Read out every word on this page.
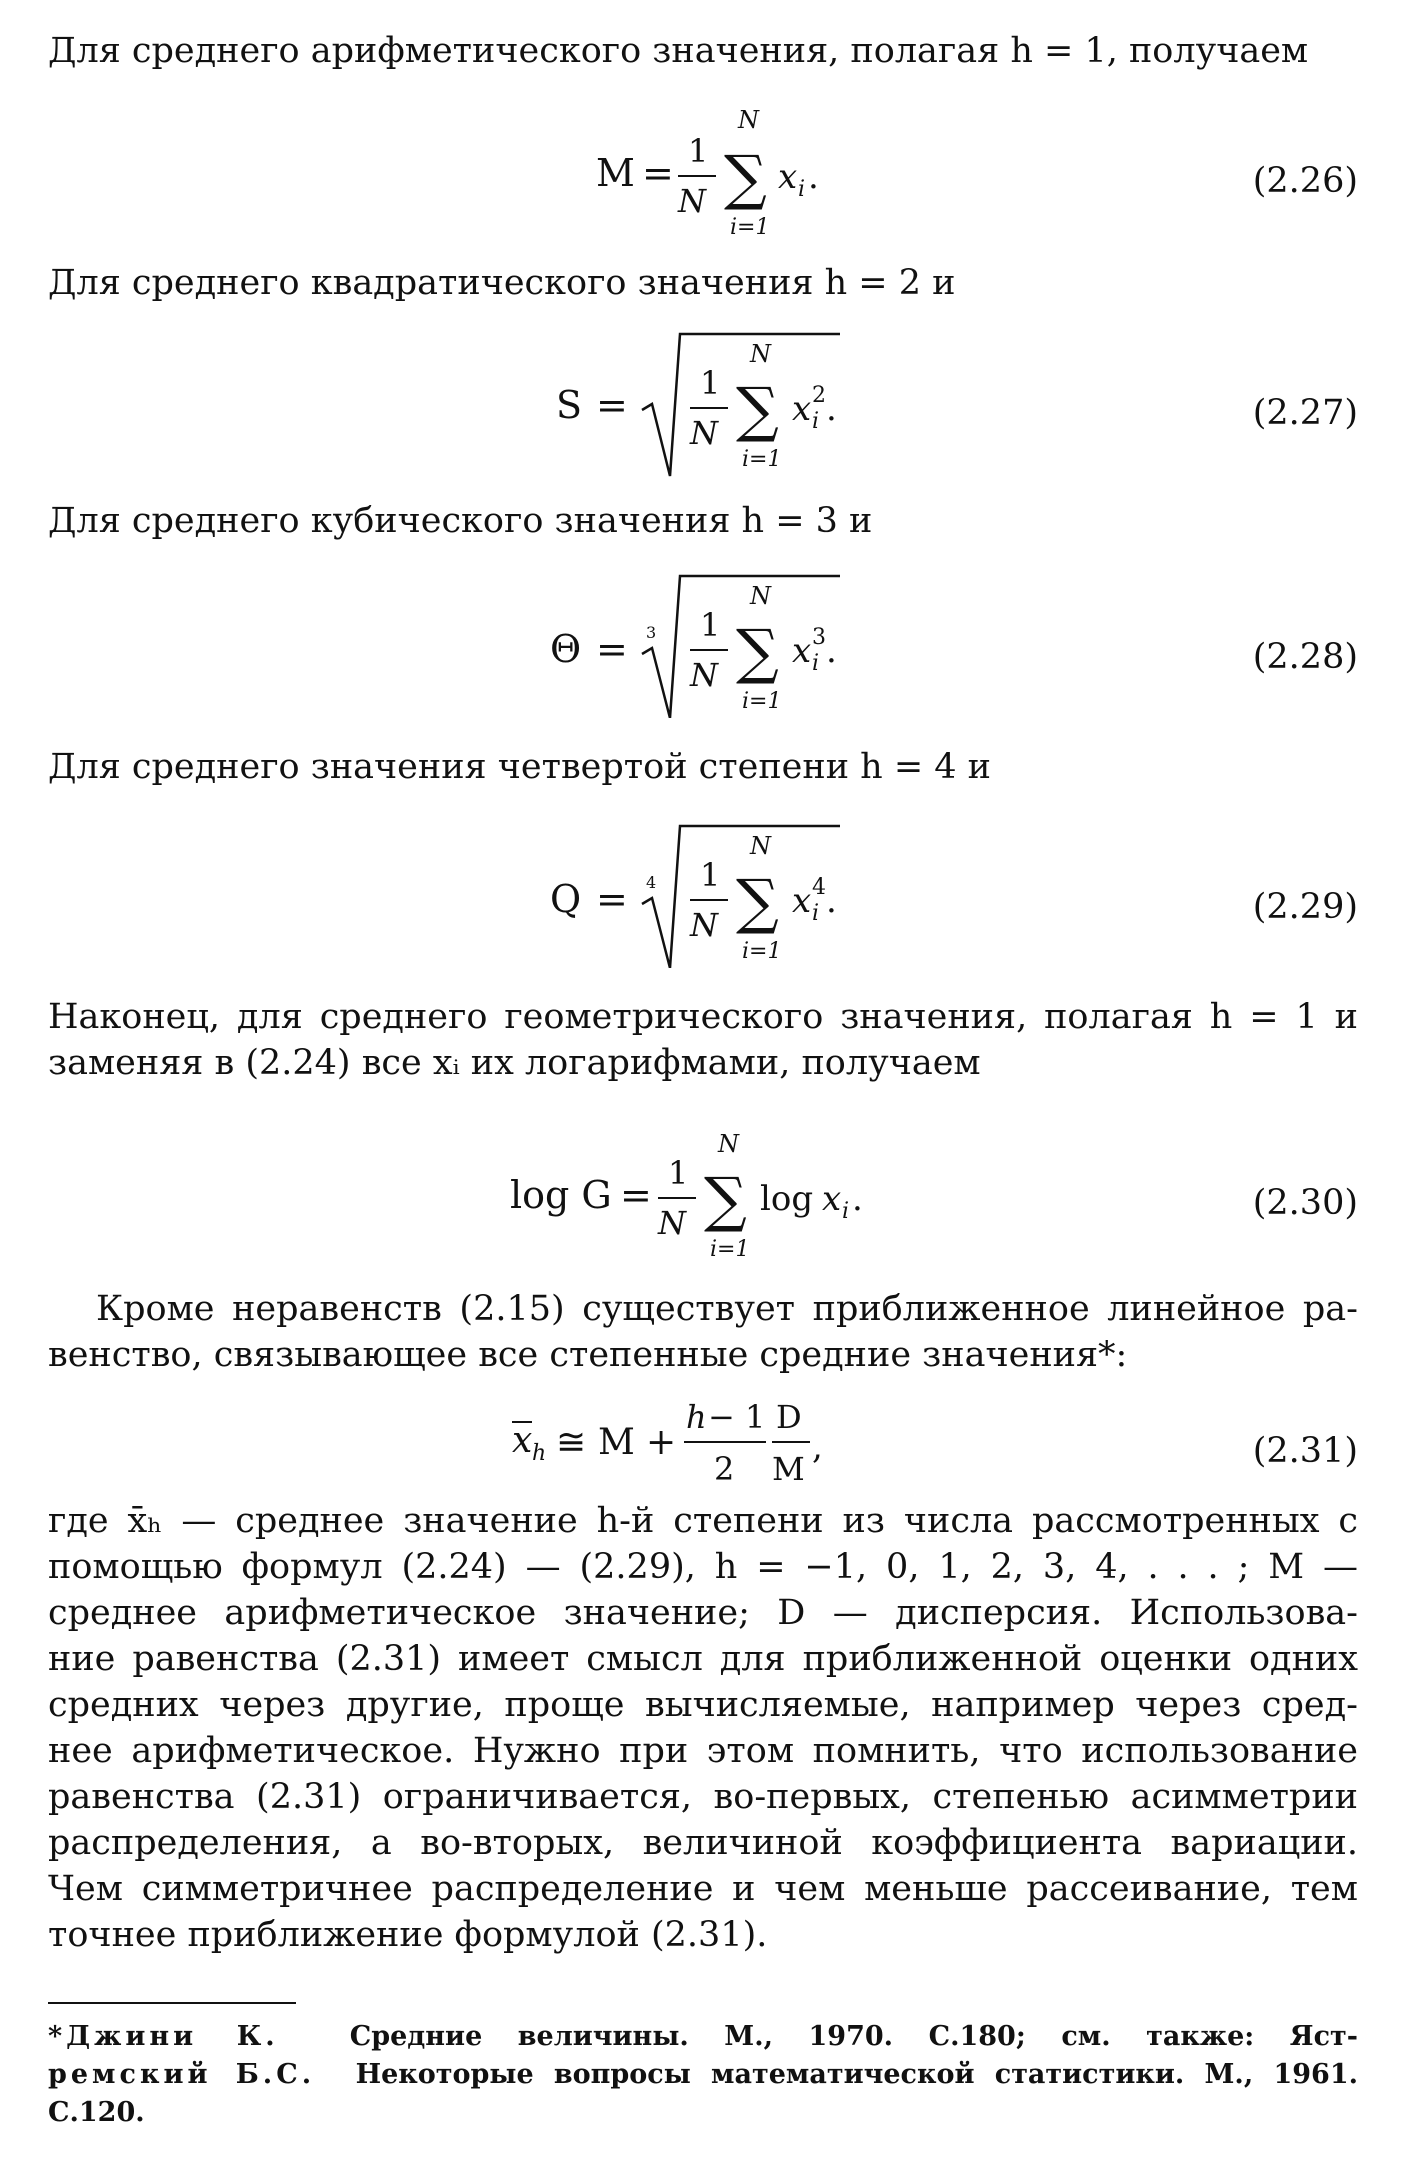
Для среднего арифметического значения, полагая h = 1, получаем
M = 1
N
N
∑
i=1
x i .	(2.26)
Для среднего квадратического значения h = 2 и
S = 1
N
N
∑
i=1
x 2
i .	(2.27)
Для среднего кубического значения h = 3 и
Θ = 3 1
N
N
∑
i=1
x 3
i .	(2.28)
Для среднего значения четвертой степени h = 4 и
Q = 4 1
N
N
∑
i=1
x 4
i .	(2.29)
Наконец, для среднего геометрического значения, полагая h = 1 и
заменяя в (2.24) все xᵢ их логарифмами, получаем
log G = 1
N
N
∑
i=1
log x i .	(2.30)
Кроме неравенств (2.15) существует приближенное линейное ра-
венство, связывающее все степенные средние значения*:
x h ≅ M +
h − 1
2
D
M
,	(2.31)
где x̄ₕ — среднее значение h-й степени из числа рассмотренных с
помощью формул (2.24) — (2.29), h = −1, 0, 1, 2, 3, 4, . . . ; M —
среднее арифметическое значение; D — дисперсия. Использова-
ние равенства (2.31) имеет смысл для приближенной оценки одних
средних через другие, проще вычисляемые, например через сред-
нее арифметическое. Нужно при этом помнить, что использование
равенства (2.31) ограничивается, во-первых, степенью асимметрии
распределения, а во-вторых, величиной коэффициента вариации.
Чем симметричнее распределение и чем меньше рассеивание, тем
точнее приближение формулой (2.31).
*Джини К.	Средние величины. М., 1970. С.180; см. также: Яст-
ремский Б.С. Некоторые вопросы математической статистики. М., 1961.
С.120.
